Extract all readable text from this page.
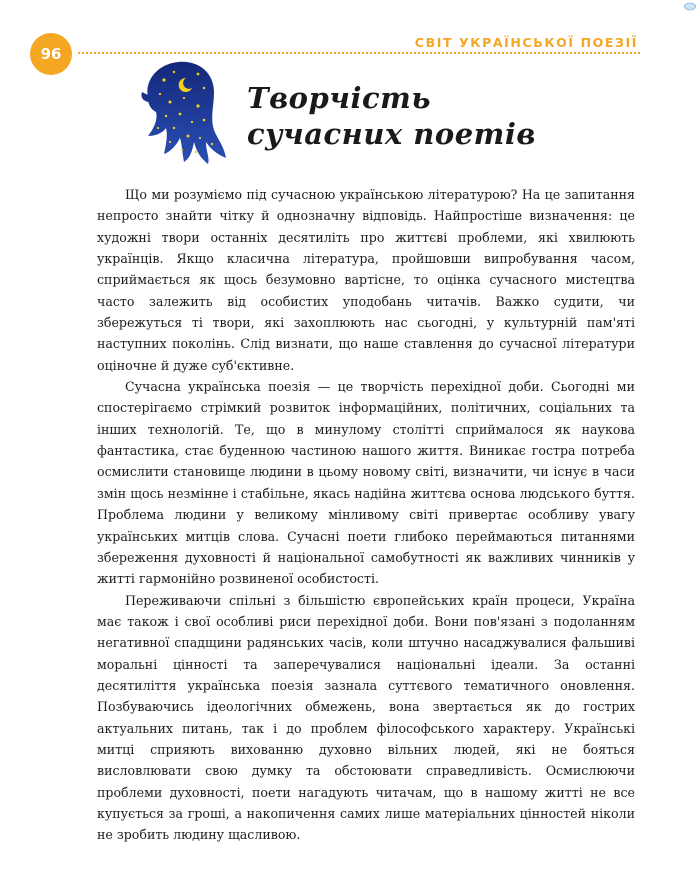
96
СВІТ УКРАЇНСЬКОЇ ПОЕЗІЇ
Творчість
сучасних поетів

Що ми розуміємо під сучасною українською літературою? На це запитання непросто знайти чітку й однозначну відповідь. Найпростіше визначення: це художні твори останніх десятиліть про життєві проблеми, які хвилюють українців. Якщо класична література, пройшовши випробування часом, сприймається як щось безумовно вартісне, то оцінка сучасного мистецтва часто залежить від особистих уподобань читачів. Важко судити, чи збережуться ті твори, які захоплюють нас сьогодні, у культурній пам'яті наступних поколінь. Слід визнати, що наше ставлення до сучасної літератури оціночне й дуже суб'єктивне.

Сучасна українська поезія — це творчість перехідної доби. Сьогодні ми спостерігаємо стрімкий розвиток інформаційних, політичних, соціальних та інших технологій. Те, що в минулому столітті сприймалося як наукова фантастика, стає буденною частиною нашого життя. Виникає гостра потреба осмислити становище людини в цьому новому світі, визначити, чи існує в часи змін щось незмінне і стабільне, якась надійна життєва основа людського буття. Проблема людини у великому мінливому світі привертає особливу увагу українських митців слова. Сучасні поети глибоко переймаються питаннями збереження духовності й національної самобутності як важливих чинників у житті гармонійно розвиненої особистості.

Переживаючи спільні з більшістю європейських країн процеси, Україна має також і свої особливі риси перехідної доби. Вони пов'язані з подоланням негативної спадщини радянських часів, коли штучно насаджувалися фальшиві моральні цінності та заперечувалися національні ідеали. За останні десятиліття українська поезія зазнала суттєвого тематичного оновлення. Позбуваючись ідеологічних обмежень, вона звертається як до гострих актуальних питань, так і до проблем філософського характеру. Українські митці сприяють вихованню духовно вільних людей, які не бояться висловлювати свою думку та обстоювати справедливість. Осмислюючи проблеми духовності, поети нагадують читачам, що в нашому житті не все купується за гроші, а накопичення самих лише матеріальних цінностей ніколи не зробить людину щасливою.
